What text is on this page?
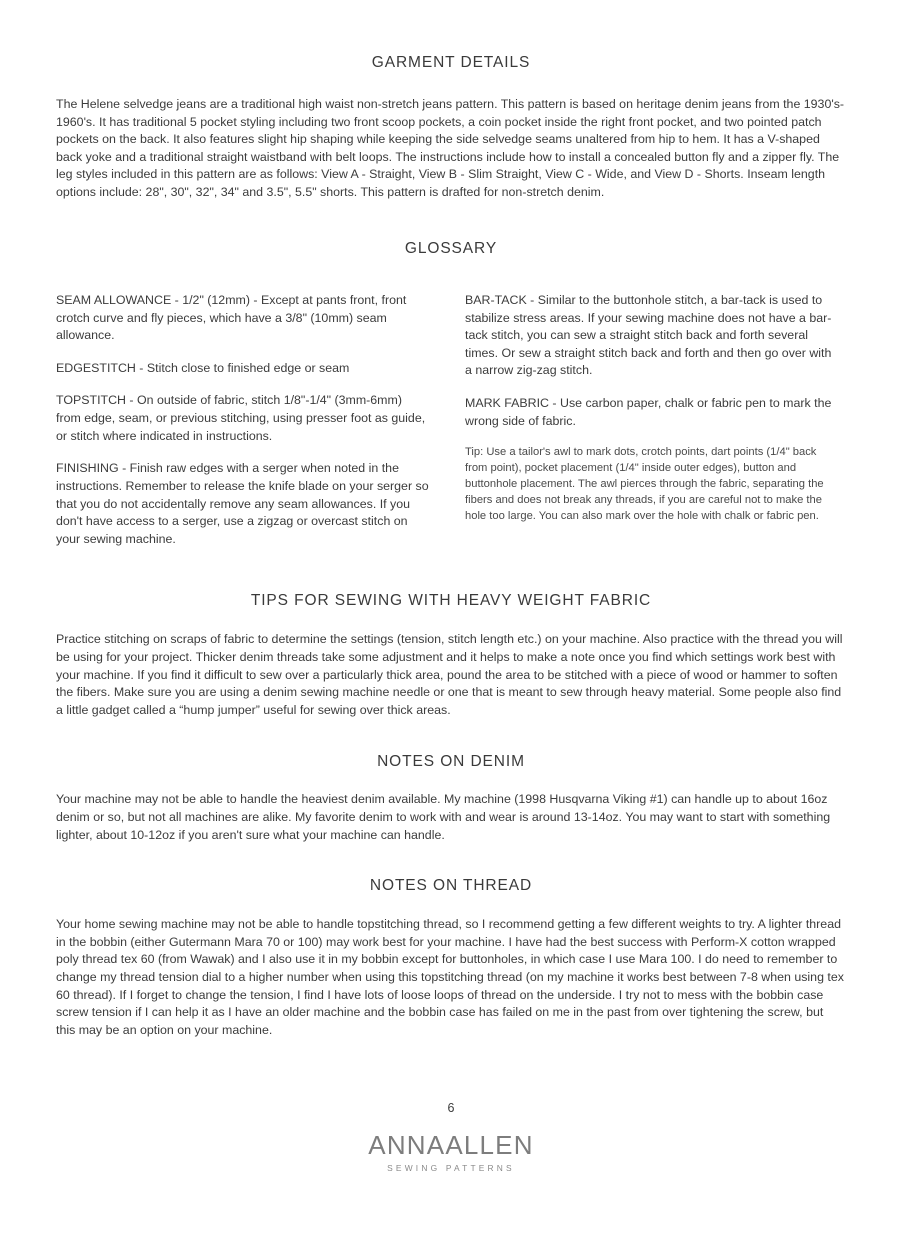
GARMENT DETAILS

The Helene selvedge jeans are a traditional high waist non-stretch jeans pattern. This pattern is based on heritage denim jeans from the 1930's-1960's. It has traditional 5 pocket styling including two front scoop pockets, a coin pocket inside the right front pocket, and two pointed patch pockets on the back. It also features slight hip shaping while keeping the side selvedge seams unaltered from hip to hem. It has a V-shaped back yoke and a traditional straight waistband with belt loops. The instructions include how to install a concealed button fly and a zipper fly. The leg styles included in this pattern are as follows: View A - Straight, View B - Slim Straight, View C - Wide, and View D - Shorts. Inseam length options include: 28", 30", 32", 34" and 3.5", 5.5" shorts. This pattern is drafted for non-stretch denim.

GLOSSARY

SEAM ALLOWANCE - 1/2" (12mm) - Except at pants front, front crotch curve and fly pieces, which have a 3/8" (10mm) seam allowance.

EDGESTITCH - Stitch close to finished edge or seam

TOPSTITCH - On outside of fabric, stitch 1/8"-1/4" (3mm-6mm) from edge, seam, or previous stitching, using presser foot as guide, or stitch where indicated in instructions.

FINISHING - Finish raw edges with a serger when noted in the instructions. Remember to release the knife blade on your serger so that you do not accidentally remove any seam allowances. If you don't have access to a serger, use a zigzag or overcast stitch on your sewing machine.

BAR-TACK - Similar to the buttonhole stitch, a bar-tack is used to stabilize stress areas. If your sewing machine does not have a bar-tack stitch, you can sew a straight stitch back and forth several times. Or sew a straight stitch back and forth and then go over with a narrow zig-zag stitch.

MARK FABRIC - Use carbon paper, chalk or fabric pen to mark the wrong side of fabric.

Tip: Use a tailor's awl to mark dots, crotch points, dart points (1/4" back from point), pocket placement (1/4" inside outer edges), button and buttonhole placement. The awl pierces through the fabric, separating the fibers and does not break any threads, if you are careful not to make the hole too large. You can also mark over the hole with chalk or fabric pen.

TIPS FOR SEWING WITH HEAVY WEIGHT FABRIC

Practice stitching on scraps of fabric to determine the settings (tension, stitch length etc.) on your machine. Also practice with the thread you will be using for your project. Thicker denim threads take some adjustment and it helps to make a note once you find which settings work best with your machine. If you find it difficult to sew over a particularly thick area, pound the area to be stitched with a piece of wood or hammer to soften the fibers. Make sure you are using a denim sewing machine needle or one that is meant to sew through heavy material. Some people also find a little gadget called a “hump jumper” useful for sewing over thick areas.

NOTES ON DENIM

Your machine may not be able to handle the heaviest denim available. My machine (1998 Husqvarna Viking #1) can handle up to about 16oz denim or so, but not all machines are alike. My favorite denim to work with and wear is around 13-14oz. You may want to start with something lighter, about 10-12oz if you aren't sure what your machine can handle.

NOTES ON THREAD

Your home sewing machine may not be able to handle topstitching thread, so I recommend getting a few different weights to try. A lighter thread in the bobbin (either Gutermann Mara 70 or 100) may work best for your machine. I have had the best success with Perform-X cotton wrapped poly thread tex 60 (from Wawak) and I also use it in my bobbin except for buttonholes, in which case I use Mara 100. I do need to remember to change my thread tension dial to a higher number when using this topstitching thread (on my machine it works best between 7-8 when using tex 60 thread). If I forget to change the tension, I find I have lots of loose loops of thread on the underside. I try not to mess with the bobbin case screw tension if I can help it as I have an older machine and the bobbin case has failed on me in the past from over tightening the screw, but this may be an option on your machine.

6
ANNAALLEN
SEWING PATTERNS
